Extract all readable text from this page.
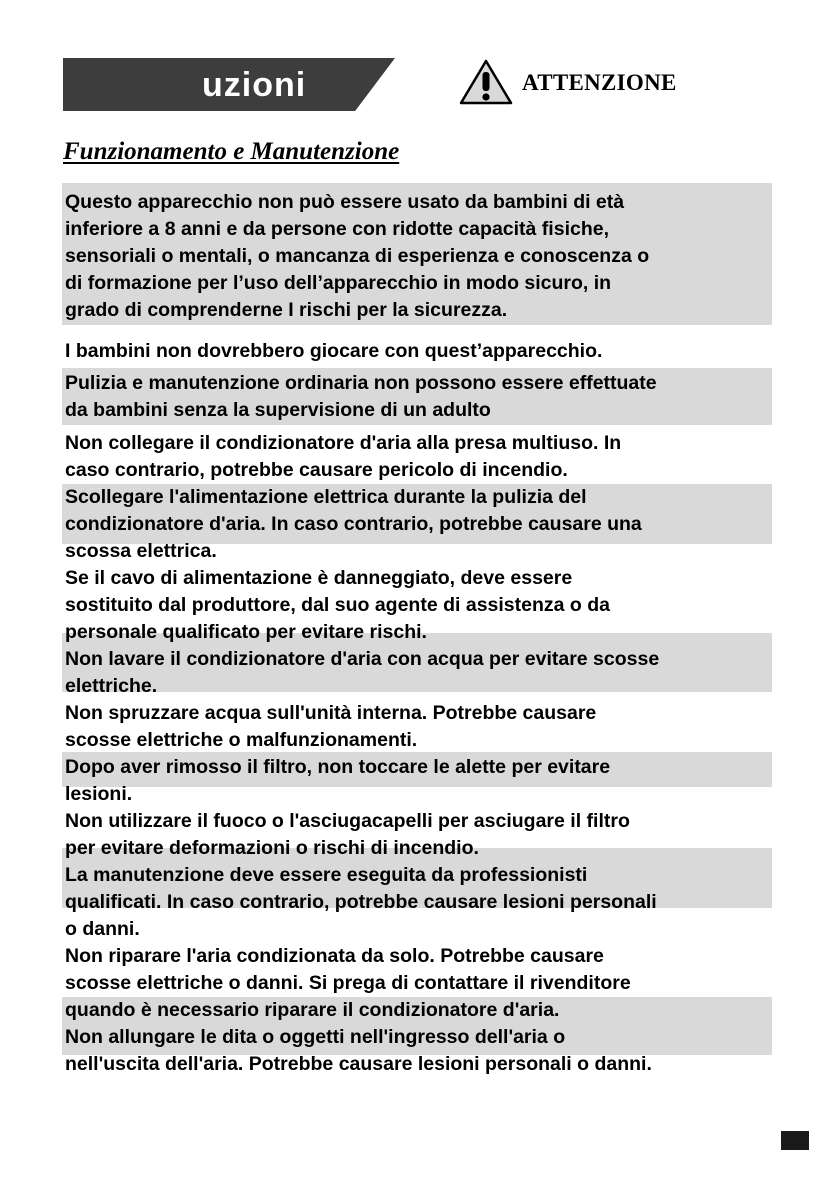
uzioni	ATTENZIONE
Funzionamento e Manutenzione
Questo apparecchio non può essere usato da bambini di età
inferiore a 8 anni e da persone con ridotte capacità fisiche,
sensoriali o mentali, o mancanza di esperienza e conoscenza o
di formazione per l’uso dell’apparecchio in modo sicuro, in
grado di comprenderne I rischi per la sicurezza.
I bambini non dovrebbero giocare con quest’apparecchio.
Pulizia e manutenzione ordinaria non possono essere effettuate
da bambini senza la supervisione di un adulto
Non collegare il condizionatore d'aria alla presa multiuso. In
caso contrario, potrebbe causare pericolo di incendio.
Scollegare l'alimentazione elettrica durante la pulizia del
condizionatore d'aria. In caso contrario, potrebbe causare una
scossa elettrica.
Se il cavo di alimentazione è danneggiato, deve essere
sostituito dal produttore, dal suo agente di assistenza o da
personale qualificato per evitare rischi.
Non lavare il condizionatore d'aria con acqua per evitare scosse
elettriche.
Non spruzzare acqua sull'unità interna. Potrebbe causare
scosse elettriche o malfunzionamenti.
Dopo aver rimosso il filtro, non toccare le alette per evitare
lesioni.
Non utilizzare il fuoco o l'asciugacapelli per asciugare il filtro
per evitare deformazioni o rischi di incendio.
La manutenzione deve essere eseguita da professionisti
qualificati. In caso contrario, potrebbe causare lesioni personali
o danni.
Non riparare l'aria condizionata da solo. Potrebbe causare
scosse elettriche o danni. Si prega di contattare il rivenditore
quando è necessario riparare il condizionatore d'aria.
Non allungare le dita o oggetti nell'ingresso dell'aria o
nell'uscita dell'aria. Potrebbe causare lesioni personali o danni.
